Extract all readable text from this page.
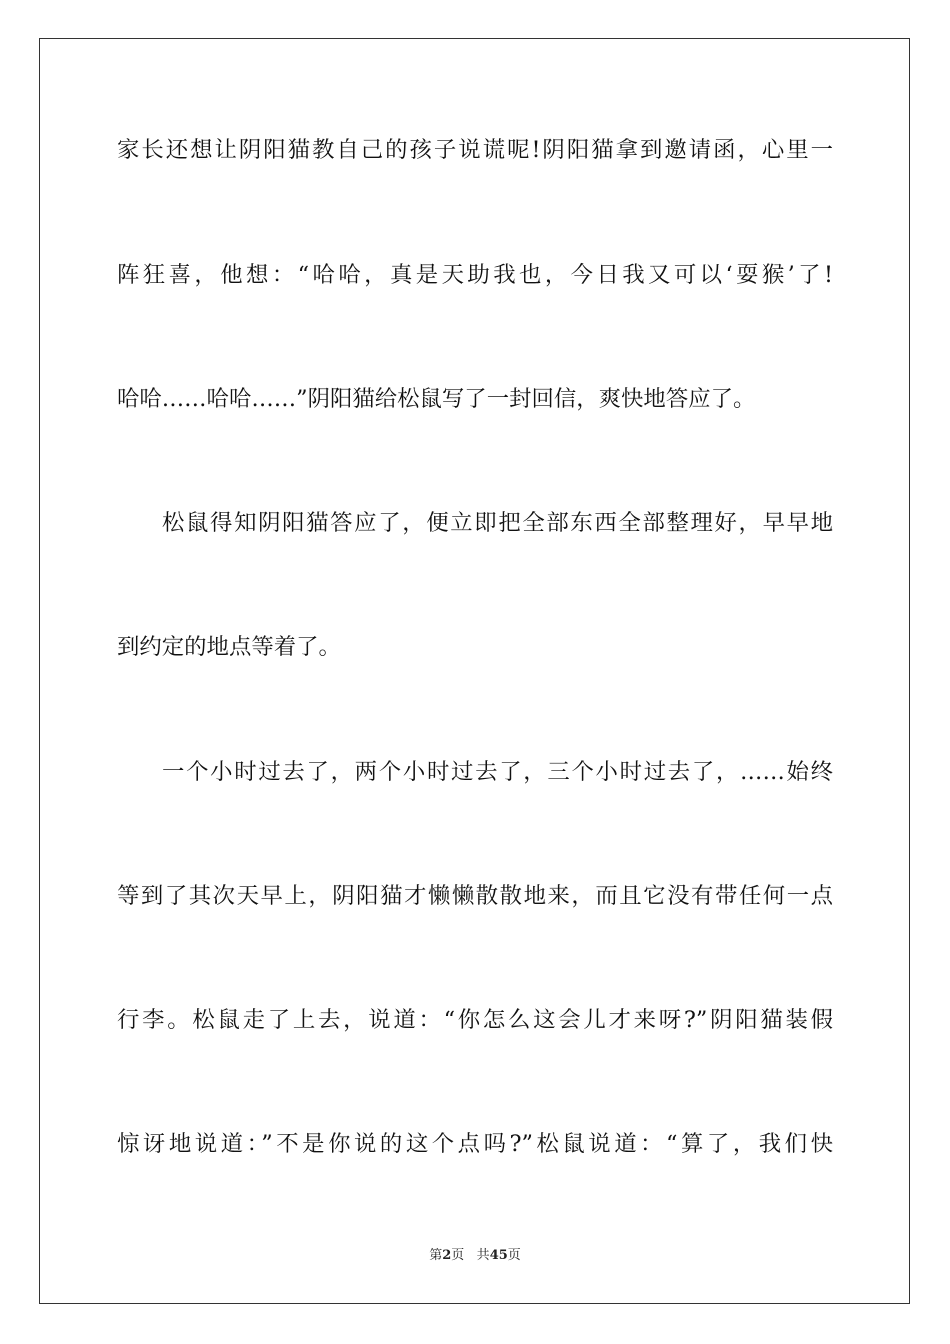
家长还想让阴阳猫教自己的孩子说谎呢!阴阳猫拿到邀请函，心里一
阵狂喜，他想：“哈哈，真是天助我也，今日我又可以‘耍猴’了!
哈哈……哈哈……”阴阳猫给松鼠写了一封回信，爽快地答应了。
松鼠得知阴阳猫答应了，便立即把全部东西全部整理好，早早地
到约定的地点等着了。
一个小时过去了，两个小时过去了，三个小时过去了，……始终
等到了其次天早上，阴阳猫才懒懒散散地来，而且它没有带任何一点
行李。松鼠走了上去，说道：“你怎么这会儿才来呀?”阴阳猫装假
惊讶地说道：”不是你说的这个点吗?”松鼠说道：“算了，我们快
第2页 共45页
